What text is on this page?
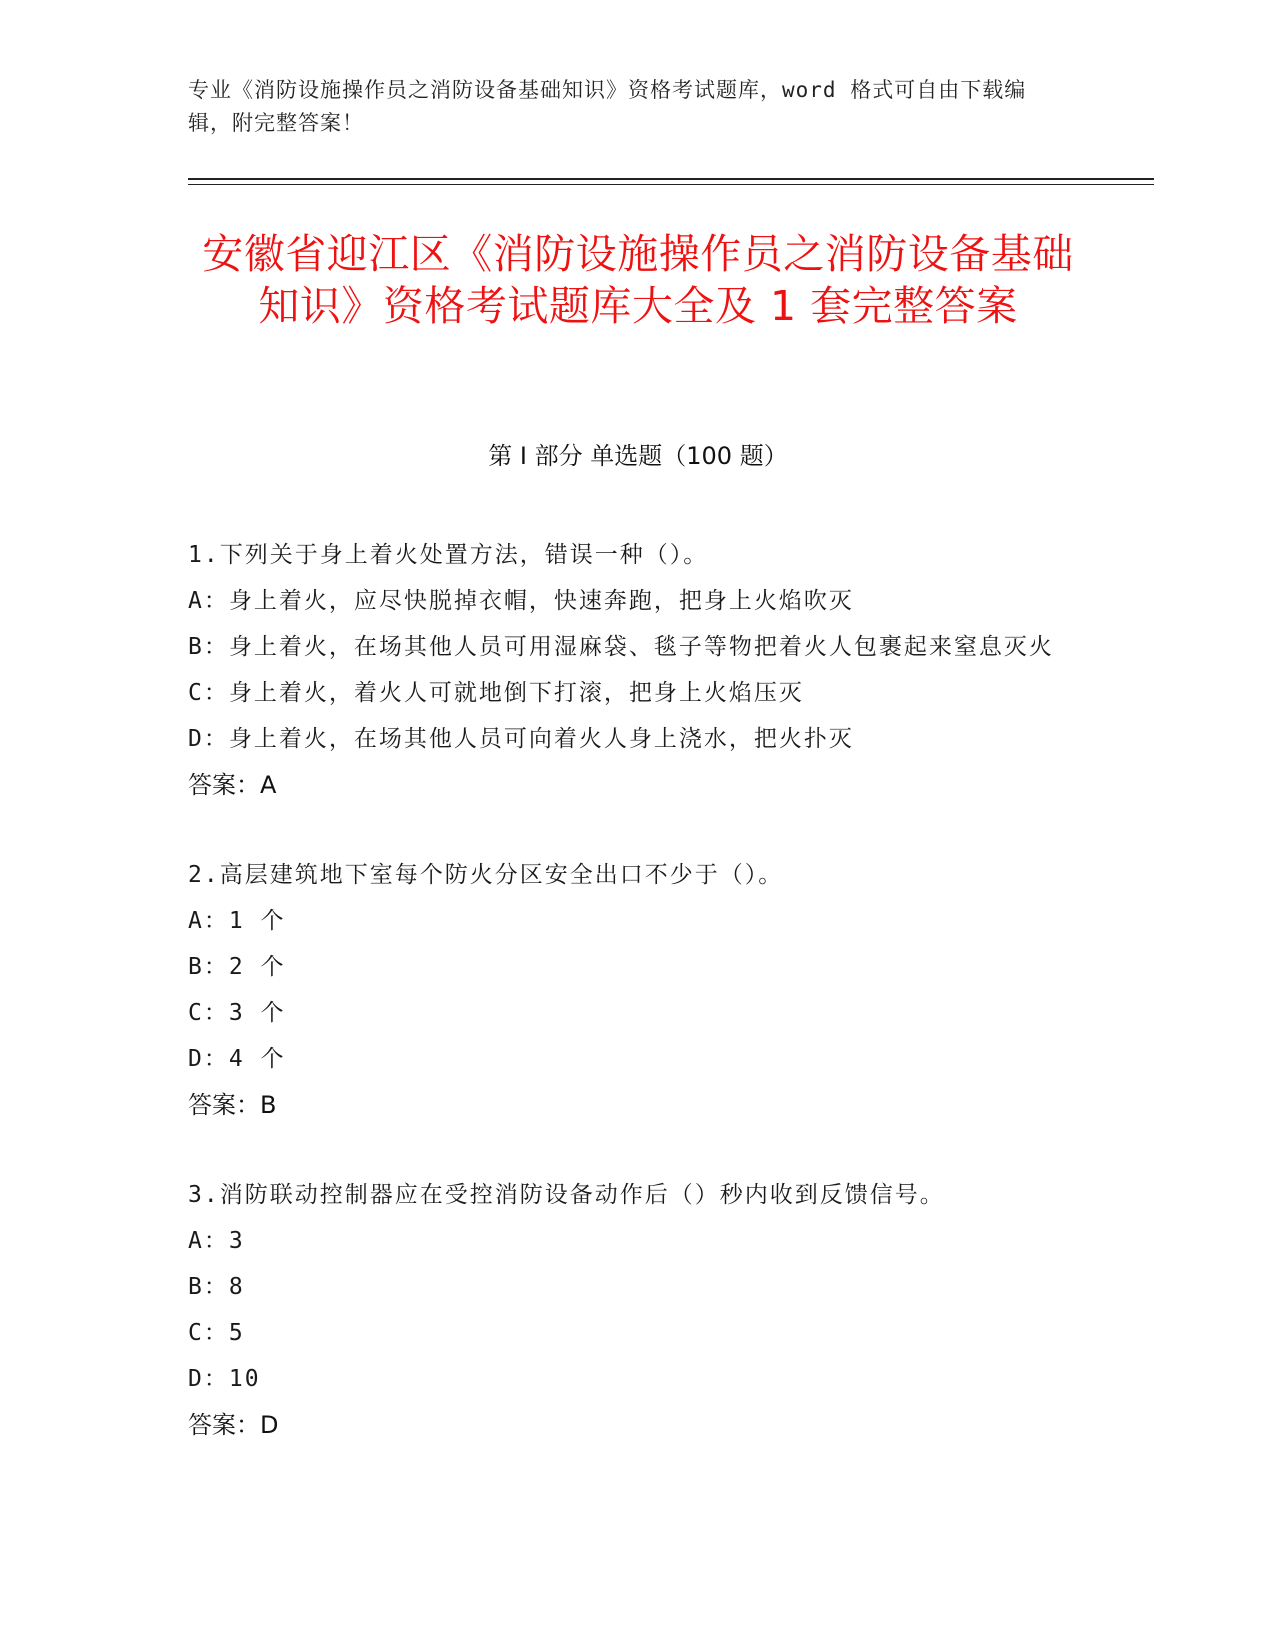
专业《消防设施操作员之消防设备基础知识》资格考试题库，word 格式可自由下载编辑，附完整答案！
安徽省迎江区《消防设施操作员之消防设备基础知识》资格考试题库大全及 1 套完整答案
第 I 部分 单选题（100 题）
1.下列关于身上着火处置方法，错误一种（）。
A：身上着火，应尽快脱掉衣帽，快速奔跑，把身上火焰吹灭
B：身上着火，在场其他人员可用湿麻袋、毯子等物把着火人包裹起来窒息灭火
C：身上着火，着火人可就地倒下打滚，把身上火焰压灭
D：身上着火，在场其他人员可向着火人身上浇水，把火扑灭
答案：A
2.高层建筑地下室每个防火分区安全出口不少于（）。
A：1 个
B：2 个
C：3 个
D：4 个
答案：B
3.消防联动控制器应在受控消防设备动作后（）秒内收到反馈信号。
A：3
B：8
C：5
D：10
答案：D
